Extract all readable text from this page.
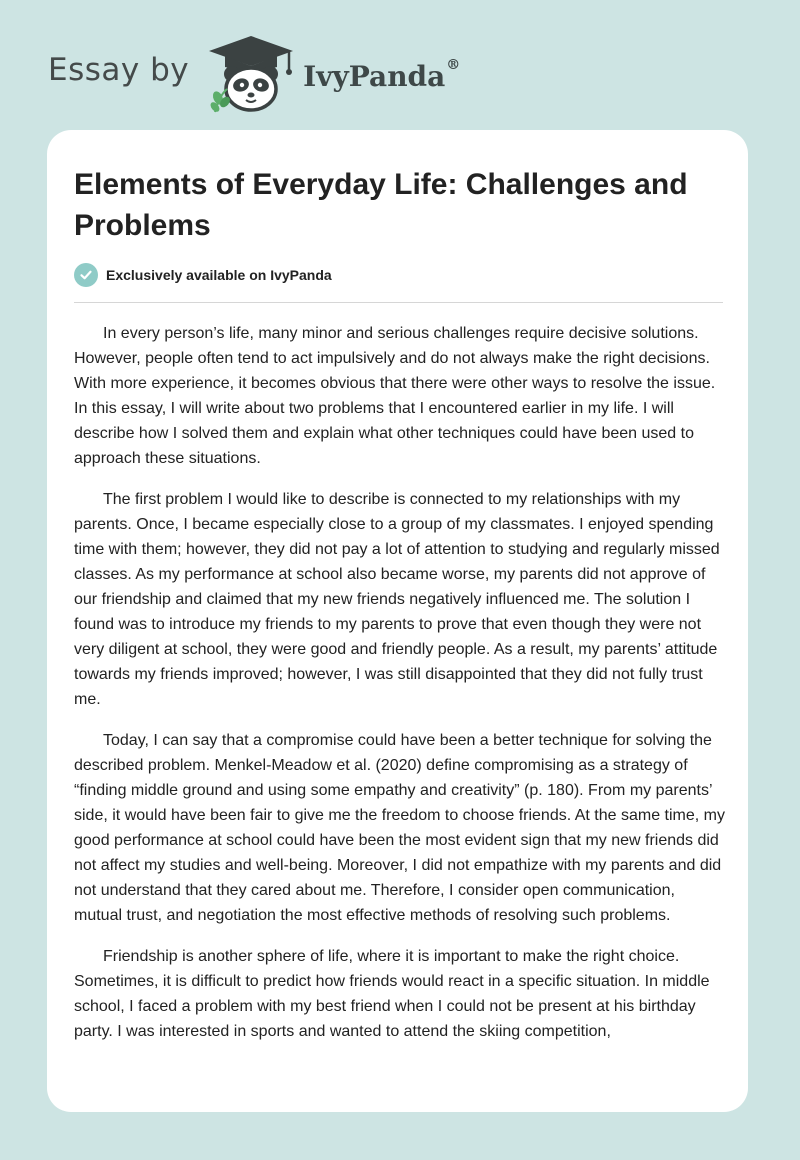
Essay by	IvyPanda®
Elements of Everyday Life: Challenges and Problems
Exclusively available on IvyPanda

In every person’s life, many minor and serious challenges require decisive solutions. However, people often tend to act impulsively and do not always make the right decisions. With more experience, it becomes obvious that there were other ways to resolve the issue. In this essay, I will write about two problems that I encountered earlier in my life. I will describe how I solved them and explain what other techniques could have been used to approach these situations.

The first problem I would like to describe is connected to my relationships with my parents. Once, I became especially close to a group of my classmates. I enjoyed spending time with them; however, they did not pay a lot of attention to studying and regularly missed classes. As my performance at school also became worse, my parents did not approve of our friendship and claimed that my new friends negatively influenced me. The solution I found was to introduce my friends to my parents to prove that even though they were not very diligent at school, they were good and friendly people. As a result, my parents’ attitude towards my friends improved; however, I was still disappointed that they did not fully trust me.

Today, I can say that a compromise could have been a better technique for solving the described problem. Menkel-Meadow et al. (2020) define compromising as a strategy of “finding middle ground and using some empathy and creativity” (p. 180). From my parents’ side, it would have been fair to give me the freedom to choose friends. At the same time, my good performance at school could have been the most evident sign that my new friends did not affect my studies and well-being. Moreover, I did not empathize with my parents and did not understand that they cared about me. Therefore, I consider open communication, mutual trust, and negotiation the most effective methods of resolving such problems.

Friendship is another sphere of life, where it is important to make the right choice. Sometimes, it is difficult to predict how friends would react in a specific situation. In middle school, I faced a problem with my best friend when I could not be present at his birthday party. I was interested in sports and wanted to attend the skiing competition,
